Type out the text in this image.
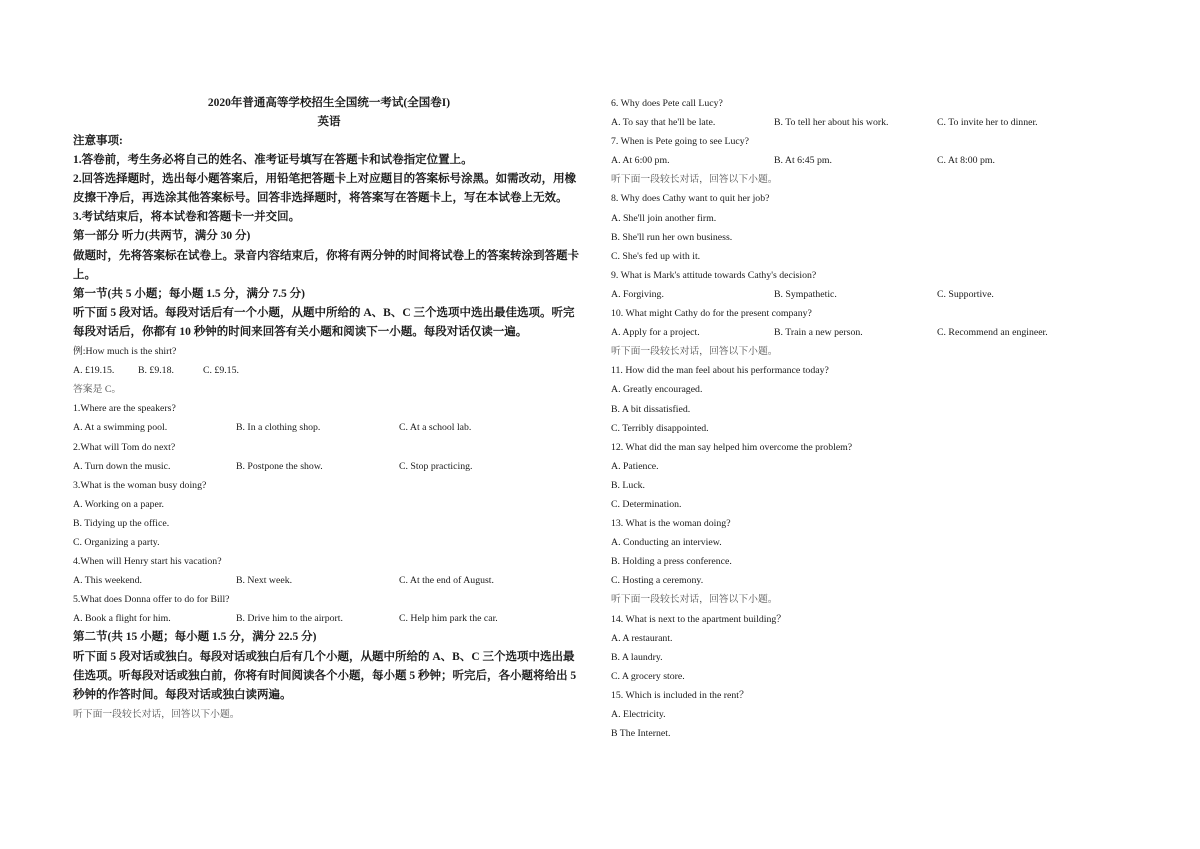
2020年普通高等学校招生全国统一考试(全国卷I)
英语
注意事项:
1.答卷前，考生务必将自己的姓名、准考证号填写在答题卡和试卷指定位置上。
2.回答选择题时，选出每小题答案后，用铅笔把答题卡上对应题目的答案标号涂黑。如需改动，用橡皮擦干净后，再选涂其他答案标号。回答非选择题时，将答案写在答题卡上，写在本试卷上无效。
3.考试结束后，将本试卷和答题卡一并交回。
第一部分 听力(共两节，满分 30 分)
做题时，先将答案标在试卷上。录音内容结束后，你将有两分钟的时间将试卷上的答案转涂到答题卡上。
第一节(共 5 小题；每小题 1.5 分，满分 7.5 分)
听下面 5 段对话。每段对话后有一个小题，从题中所给的 A、B、C 三个选项中选出最佳选项。听完每段对话后，你都有 10 秒钟的时间来回答有关小题和阅读下一小题。每段对话仅读一遍。
例:How much is the shirt?
A. £19.15.	B. £9.18.	C. £9.15.
答案是 C。
1.Where are the speakers?
A. At a swimming pool.	B. In a clothing shop.	C. At a school lab.
2.What will Tom do next?
A. Turn down the music.	B. Postpone the show.	C. Stop practicing.
3.What is the woman busy doing?
A. Working on a paper.
B. Tidying up the office.
C. Organizing a party.
4.When will Henry start his vacation?
A. This weekend.	B. Next week.	C. At the end of August.
5.What does Donna offer to do for Bill?
A. Book a flight for him.	B. Drive him to the airport.	C. Help him park the car.
第二节(共 15 小题；每小题 1.5 分，满分 22.5 分)
听下面 5 段对话或独白。每段对话或独白后有几个小题，从题中所给的 A、B、C 三个选项中选出最佳选项。听每段对话或独白前，你将有时间阅读各个小题，每小题 5 秒钟；听完后，各小题将给出 5 秒钟的作答时间。每段对话或独白读两遍。
听下面一段较长对话，回答以下小题。
6. Why does Pete call Lucy?
A. To say that he'll be late.	B. To tell her about his work.	C. To invite her to dinner.
7. When is Pete going to see Lucy?
A. At 6:00 pm.	B. At 6:45 pm.	C. At 8:00 pm.
听下面一段较长对话，回答以下小题。
8. Why does Cathy want to quit her job?
A. She'll join another firm.
B. She'll run her own business.
C. She's fed up with it.
9. What is Mark's attitude towards Cathy's decision?
A. Forgiving.	B. Sympathetic.	C. Supportive.
10. What might Cathy do for the present company?
A. Apply for a project.	B. Train a new person.	C. Recommend an engineer.
听下面一段较长对话，回答以下小题。
11. How did the man feel about his performance today?
A. Greatly encouraged.
B. A bit dissatisfied.
C. Terribly disappointed.
12. What did the man say helped him overcome the problem?
A. Patience.
B. Luck.
C. Determination.
13. What is the woman doing?
A. Conducting an interview.
B. Holding a press conference.
C. Hosting a ceremony.
听下面一段较长对话，回答以下小题。
14. What is next to the apartment building？
A. A restaurant.
B. A laundry.
C. A grocery store.
15. Which is included in the rent？
A. Electricity.
B The Internet.
